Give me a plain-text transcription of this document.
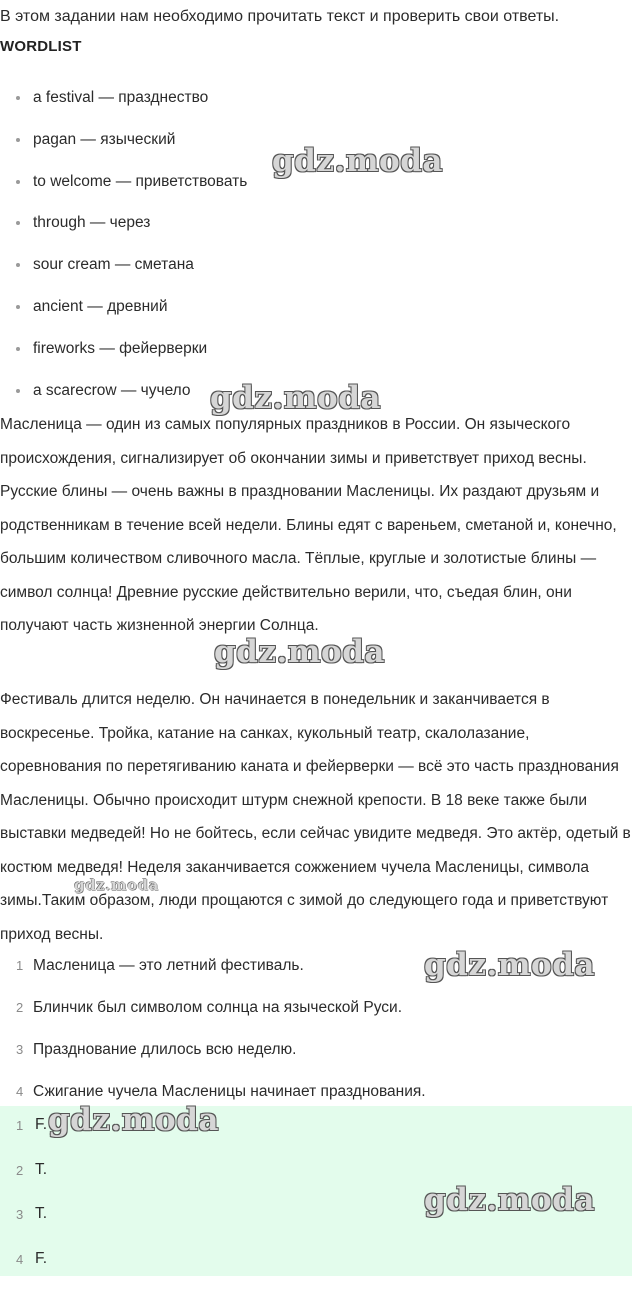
В этом задании нам необходимо прочитать текст и проверить свои ответы.
WORDLIST
a festival — празднество
pagan — языческий
to welcome — приветствовать
through — через
sour cream — сметана
ancient — древний
fireworks — фейерверки
a scarecrow — чучело

Масленица — один из самых популярных праздников в России. Он языческого происхождения, сигнализирует об окончании зимы и приветствует приход весны. Русские блины — очень важны в праздновании Масленицы. Их раздают друзьям и родственникам в течение всей недели. Блины едят с вареньем, сметаной и, конечно, большим количеством сливочного масла. Тёплые, круглые и золотистые блины — символ солнца! Древние русские действительно верили, что, съедая блин, они получают часть жизненной энергии Солнца.

Фестиваль длится неделю. Он начинается в понедельник и заканчивается в воскресенье. Тройка, катание на санках, кукольный театр, скалолазание, соревнования по перетягиванию каната и фейерверки — всё это часть празднования Масленицы. Обычно происходит штурм снежной крепости. В 18 веке также были выставки медведей! Но не бойтесь, если сейчас увидите медведя. Это актёр, одетый в костюм медведя! Неделя заканчивается сожжением чучела Масленицы, символа зимы.Таким образом, люди прощаются с зимой до следующего года и приветствуют приход весны.

1 Масленица — это летний фестиваль.
2 Блинчик был символом солнца на языческой Руси.
3 Празднование длилось всю неделю.
4 Сжигание чучела Масленицы начинает празднования.
1 F.
2 T.
3 T.
4 F.
gdz.moda
gdz.moda
gdz.moda
gdz.moda
gdz.moda
gdz.moda
gdz.moda
